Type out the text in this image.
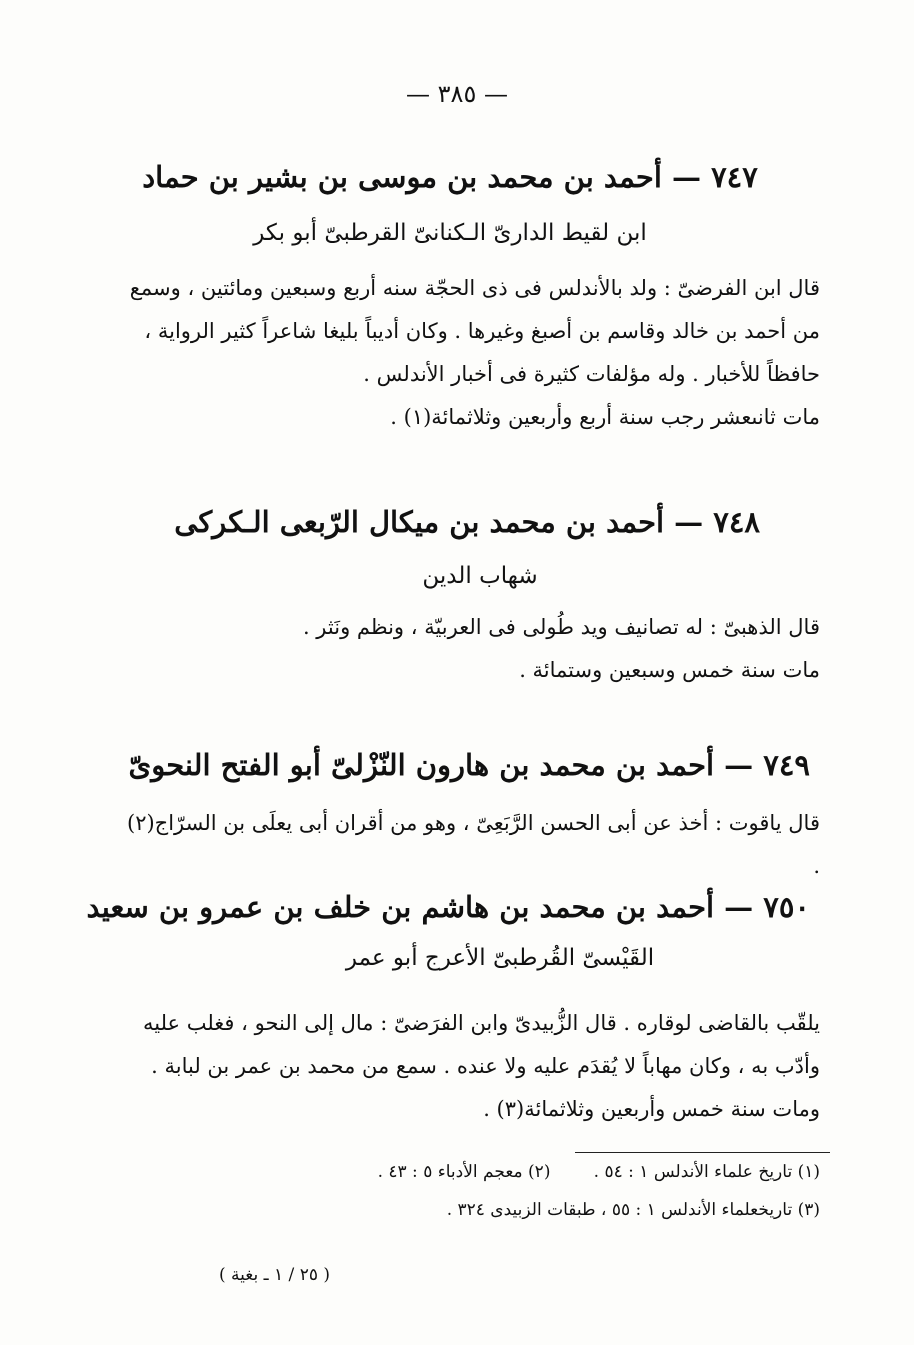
— ٣٨٥ —
٧٤٧ — أحمد بن محمد بن موسى بن بشير بن حماد
ابن لقيط الدارىّ الـكنانىّ القرطبىّ أبو بكر

قال ابن الفرضىّ : ولد بالأندلس فى ذى الحجّة سنه أربع وسبعين ومائتين ، وسمع من أحمد بن خالد وقاسم بن أصبغ وغيرها . وكان أديباً بليغا شاعراً كثير الرواية ، حافظاً للأخبار . وله مؤلفات كثيرة فى أخبار الأندلس .

مات ثانىعشر رجب سنة أربع وأربعين وثلاثمائة(١) .

٧٤٨ — أحمد بن محمد بن ميكال الرّبعى الـكركى
شهاب الدين

قال الذهبىّ : له تصانيف ويد طُولى فى العربيّة ، ونظم ونَثر .

مات سنة خمس وسبعين وستمائة .

٧٤٩ — أحمد بن محمد بن هارون النّزْلىّ أبو الفتح النحوىّ

قال ياقوت : أخذ عن أبى الحسن الرَّبَعِىّ ، وهو من أقران أبى يعلَى بن السرّاج(٢) .

٧٥٠ — أحمد بن محمد بن هاشم بن خلف بن عمرو بن سعيد
القَيْسىّ القُرطبىّ الأعرج أبو عمر

يلقّب بالقاضى لوقاره . قال الزُّبيدىّ وابن الفرَضىّ : مال إلى النحو ، فغلب عليه وأدّب به ، وكان مهاباً لا يُقدَم عليه ولا عنده . سمع من محمد بن عمر بن لبابة .

ومات سنة خمس وأربعين وثلاثمائة(٣) .

(١) تاريخ علماء الأندلس ١ : ٥٤ .        (٢) معجم الأدباء ٥ : ٤٣ .
(٣) تاريخعلماء الأندلس ١ : ٥٥ ، طبقات الزبيدى ٣٢٤ .
( ٢٥ / ١ ـ بغية )
